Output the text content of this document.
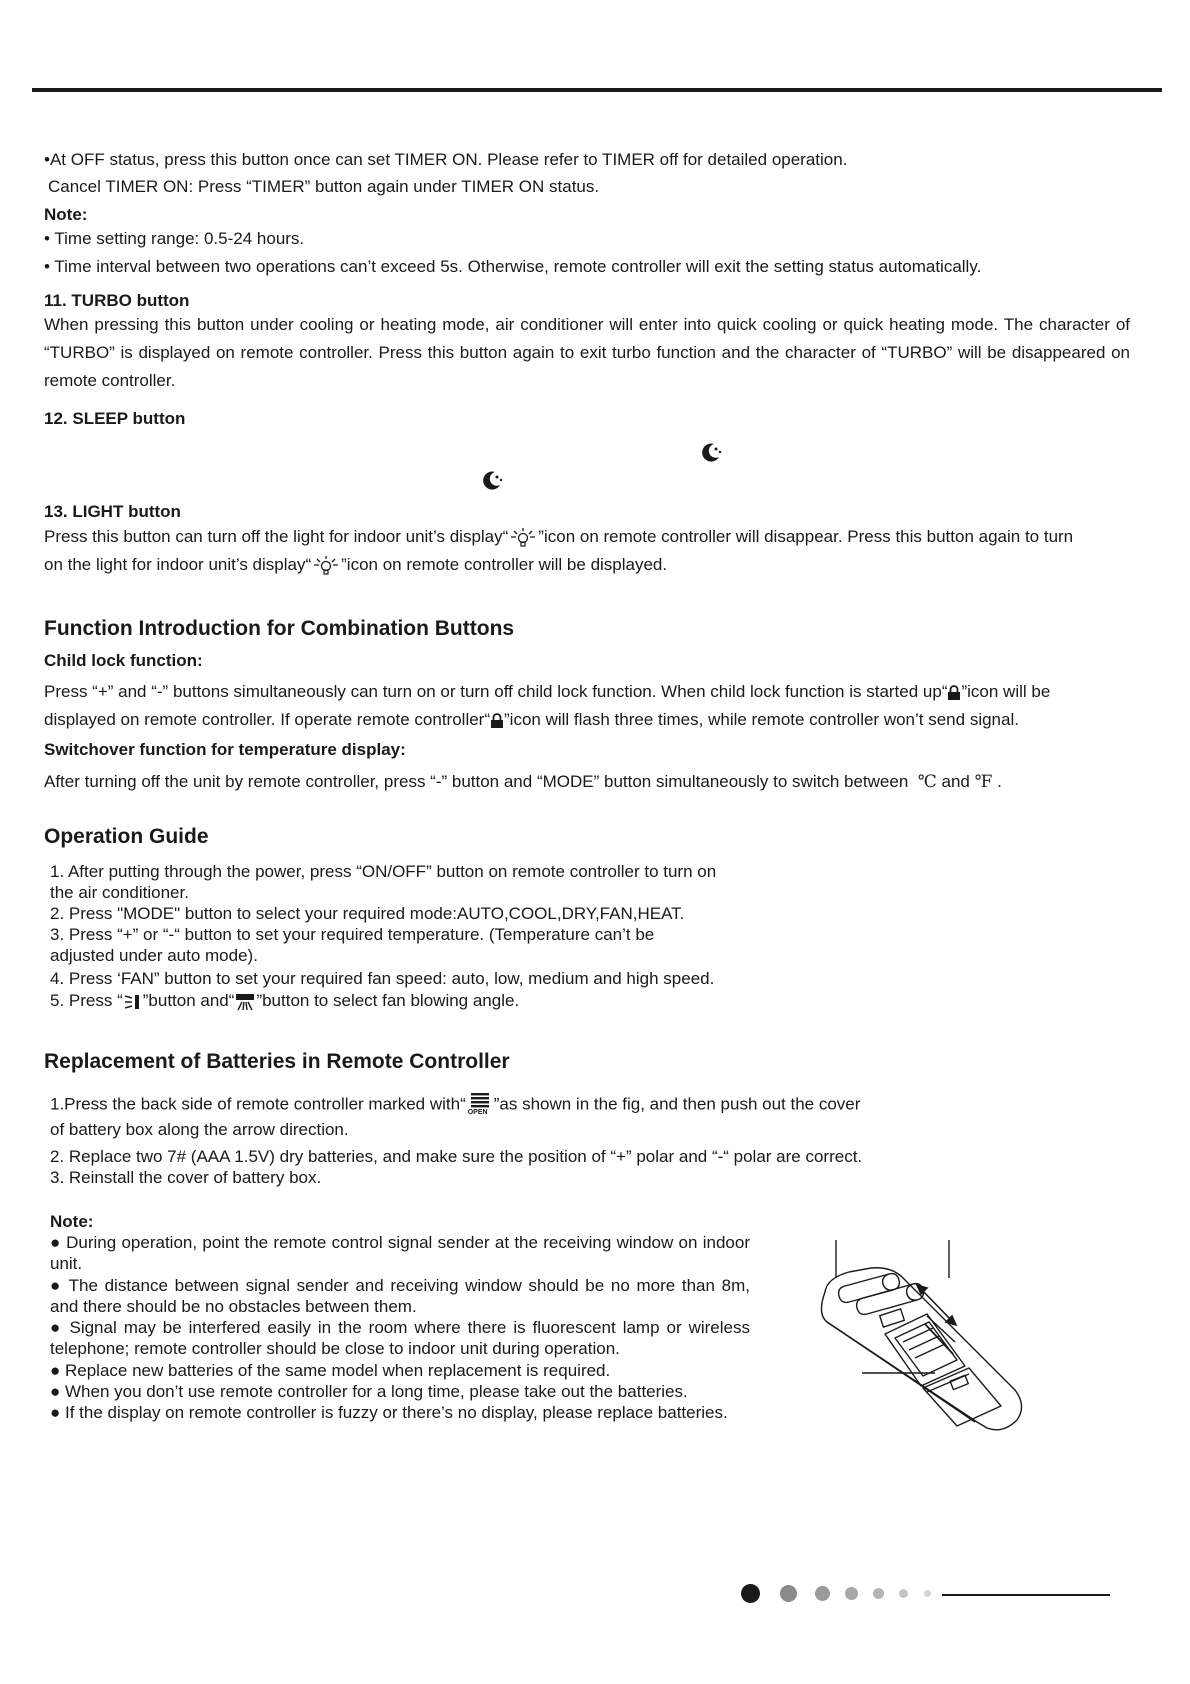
•At OFF status, press this button once can set TIMER ON. Please refer to TIMER off for detailed operation.
Cancel TIMER ON: Press “TIMER” button again under TIMER ON status.
Note:
• Time setting range: 0.5-24 hours.
• Time interval between two operations can’t exceed 5s. Otherwise, remote controller will exit the setting status automatically.
11. TURBO button
When pressing this button under cooling or heating mode, air conditioner will enter into quick cooling or quick heating mode. The character of “TURBO” is displayed on remote controller. Press this button again to exit turbo function and the character of “TURBO” will be disappeared on remote controller.
12. SLEEP button
13. LIGHT button
Press this button can turn off the light for indoor unit’s display“ ”icon on remote controller will disappear. Press this button again to turn
on the light for indoor unit’s display“ ”icon on remote controller will be displayed.
Function Introduction for Combination Buttons
Child lock function:
Press “+” and “-” buttons simultaneously can turn on or turn off child lock function. When child lock function is started up“ ”icon will be
displayed on remote controller. If operate remote controller“ ”icon will flash three times, while remote controller won’t send signal.
Switchover function for temperature display:
After turning off the unit by remote controller, press “-” button and “MODE” button simultaneously to switch between ℃ and ℉ .
Operation Guide
1. After putting through the power, press “ON/OFF” button on remote controller to turn on
the air conditioner.
2. Press "MODE" button to select your required mode:AUTO,COOL,DRY,FAN,HEAT.
3. Press “+” or “-“ button to set your required temperature. (Temperature can’t be
adjusted under auto mode).
4. Press ‘FAN” button to set your required fan speed: auto, low, medium and high speed.
5. Press “ ”button and“ ”button to select fan blowing angle.
Replacement of Batteries in Remote Controller
1.Press the back side of remote controller marked with“ OPEN ”as shown in the fig, and then push out the cover
of battery box along the arrow direction.
2. Replace two 7# (AAA 1.5V) dry batteries, and make sure the position of “+” polar and “-“ polar are correct.
3. Reinstall the cover of battery box.
Note:
● During operation, point the remote control signal sender at the receiving window on indoor unit.
● The distance between signal sender and receiving window should be no more than 8m, and there should be no obstacles between them.
● Signal may be interfered easily in the room where there is fluorescent lamp or wireless telephone; remote controller should be close to indoor unit during operation.
● Replace new batteries of the same model when replacement is required.
● When you don’t use remote controller for a long time, please take out the batteries.
● If the display on remote controller is fuzzy or there’s no display, please replace batteries.
